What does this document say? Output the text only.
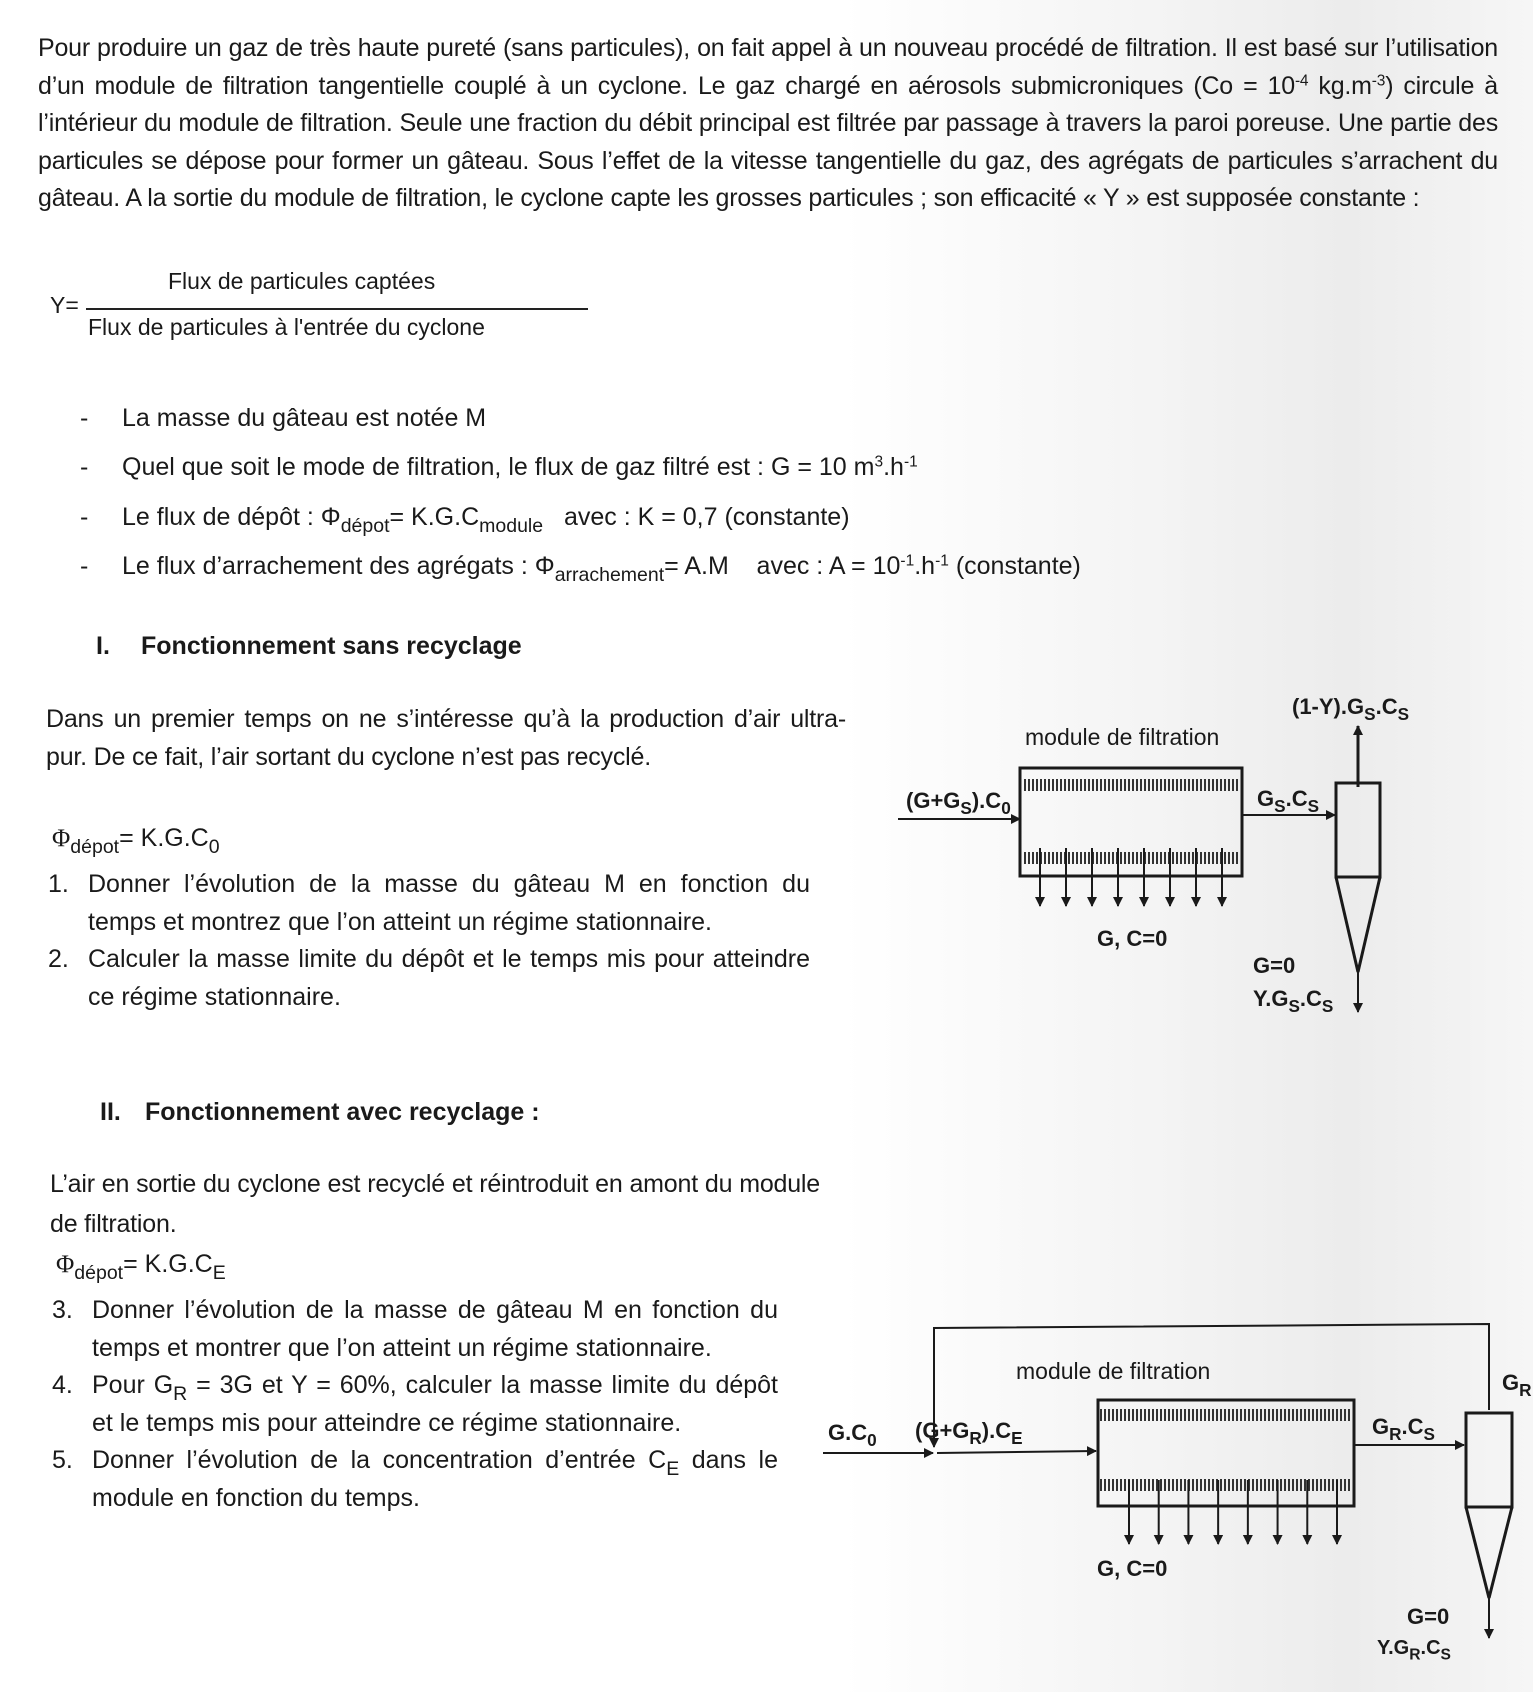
Pour produire un gaz de très haute pureté (sans particules), on fait appel à un nouveau procédé de filtration. Il est basé sur l’utilisation d’un module de filtration tangentielle couplé à un cyclone. Le gaz chargé en aérosols submicroniques ($Co = 10^{-4}$ $kg.m^{-3}$) circule à l’intérieur du module de filtration. Seule une fraction du débit principal est filtrée par passage à travers la paroi poreuse. Une partie des particules se dépose pour former un gâteau. Sous l’effet de la vitesse tangentielle du gaz, des agrégats de particules s’arrachent du gâteau. A la sortie du module de filtration, le cyclone capte les grosses particules ; son efficacité « Y » est supposée constante :
Y=
Flux de particules captées
Flux de particules à l'entrée du cyclone
- La masse du gâteau est notée M
- Quel que soit le mode de filtration, le flux de gaz filtré est : G = 10 $m^3.h^{-1}$
- Le flux de dépôt : $\Phi_{dépot}= K.G.C_{module}$   avec : K = 0,7 (constante)
- Le flux d’arrachement des agrégats : $\Phi_{arrachement}= A.M$    avec : $A = 10^{-1}.h^{-1}$ (constante)
I. Fonctionnement sans recyclage
Dans un premier temps on ne s’intéresse qu’à la production d’air ultra-pur. De ce fait, l’air sortant du cyclone n’est pas recyclé.
$\Phi_{dépot}= K.G.C_0$
1. Donner l’évolution de la masse du gâteau M en fonction du temps et montrez que l’on atteint un régime stationnaire.
2. Calculer la masse limite du dépôt et le temps mis pour atteindre ce régime stationnaire.
II. Fonctionnement avec recyclage :
L’air en sortie du cyclone est recyclé et réintroduit en amont du module de filtration.
$\Phi_{dépot}= K.G.C_E$
3. Donner l’évolution de la masse de gâteau M en fonction du temps et montrer que l’on atteint un régime stationnaire.
4. Pour $G_R = 3G$ et Y = 60%, calculer la masse limite du dépôt et le temps mis pour atteindre ce régime stationnaire.
5. Donner l’évolution de la concentration d’entrée $C_E$ dans le module en fonction du temps.
module de filtration
$(G+G_S).C_0$	$G_S.C_S$
$(1-Y).G_S.C_S$
G, C=0
G=0
$Y.G_S.C_S$
module de filtration
$G.C_0$ $(G+G_R).C_E$	$G_R.C_S$
$G_R$
G, C=0
G=0
$Y.G_R.C_S$
